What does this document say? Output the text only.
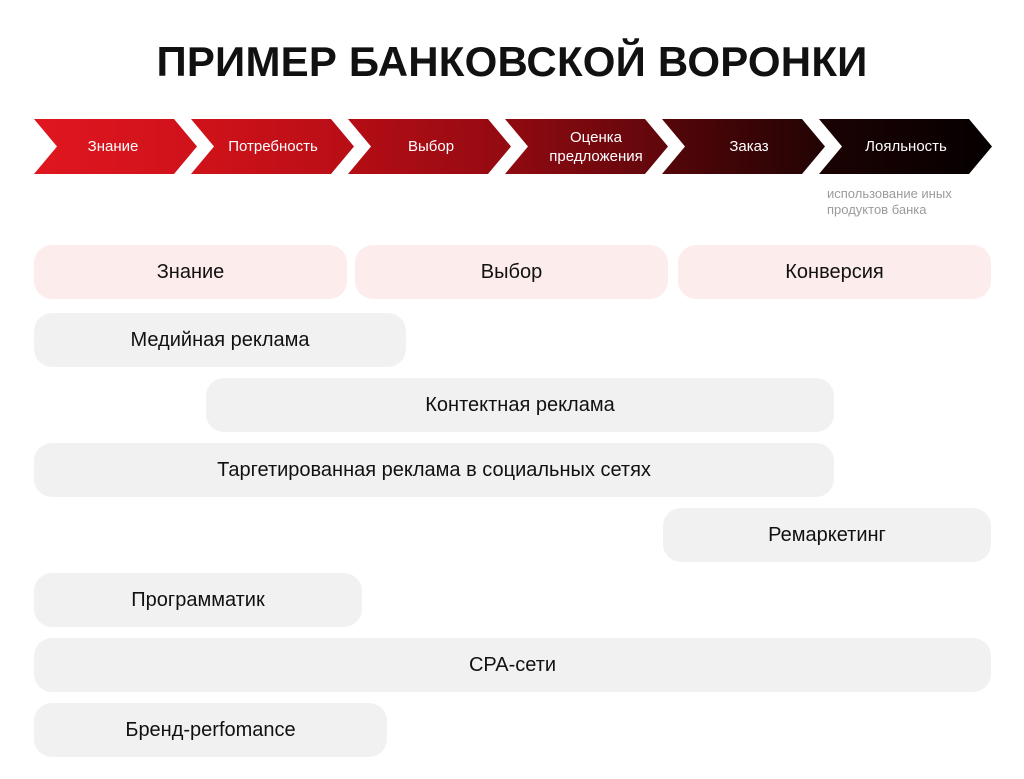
ПРИМЕР БАНКОВСКОЙ ВОРОНКИ
Знание	Потребность	Выбор
Оценка
предложения
Заказ	Лояльность
использование иных продуктов банка
Знание	Выбор	Конверсия
Медийная реклама
Контектная реклама
Таргетированная реклама в социальных сетях
Ремаркетинг
Программатик
CPA-сети
Бренд-perfomance
